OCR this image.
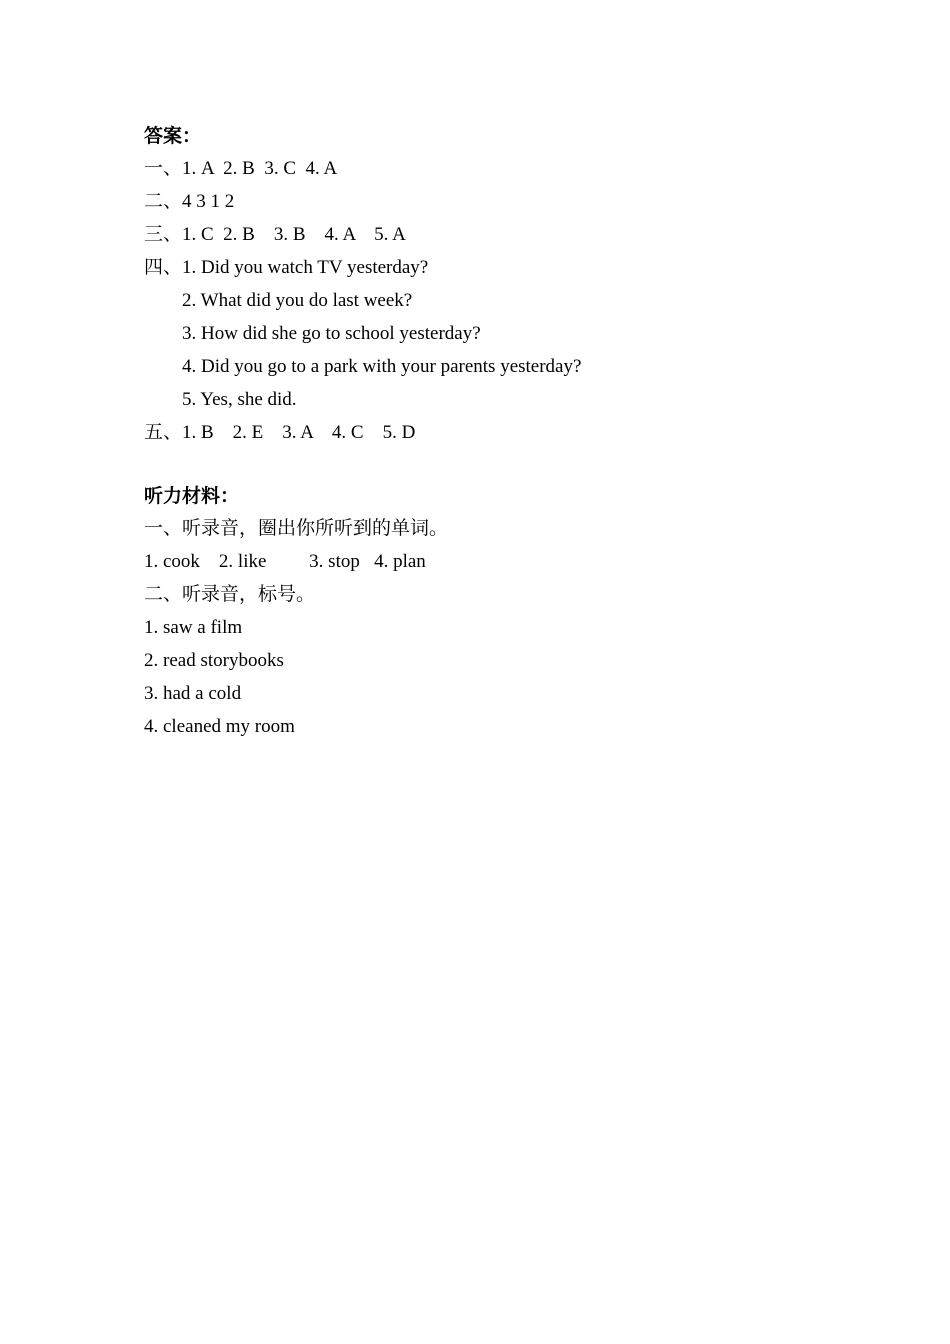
答案：
一、1. A  2. B  3. C  4. A
二、4 3 1 2
三、1. C  2. B    3. B    4. A    5. A
四、1. Did you watch TV yesterday?
2. What did you do last week?
3. How did she go to school yesterday?
4. Did you go to a park with your parents yesterday?
5. Yes, she did.
五、1. B    2. E    3. A    4. C    5. D
听力材料：
一、听录音，圈出你所听到的单词。
1. cook    2. like         3. stop   4. plan
二、听录音，标号。
1. saw a film
2. read storybooks
3. had a cold
4. cleaned my room
